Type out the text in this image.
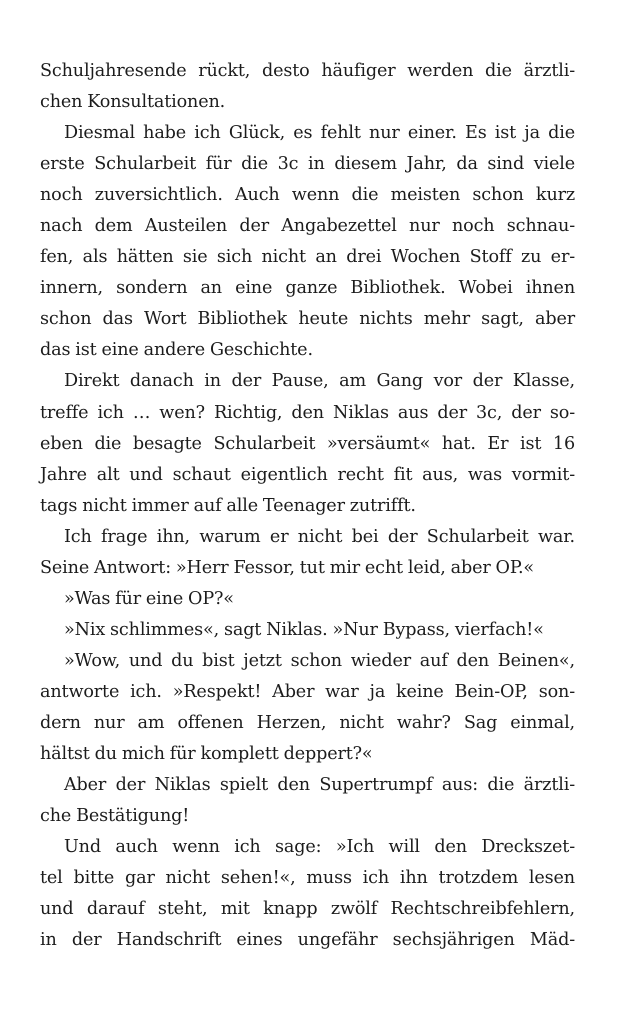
Schuljahresende rückt, desto häufiger werden die ärztli-
chen Konsultationen.
Diesmal habe ich Glück, es fehlt nur einer. Es ist ja die
erste Schularbeit für die 3c in diesem Jahr, da sind viele
noch zuversichtlich. Auch wenn die meisten schon kurz
nach dem Austeilen der Angabezettel nur noch schnau-
fen, als hätten sie sich nicht an drei Wochen Stoff zu er-
innern, sondern an eine ganze Bibliothek. Wobei ihnen
schon das Wort Bibliothek heute nichts mehr sagt, aber
das ist eine andere Geschichte.
Direkt danach in der Pause, am Gang vor der Klasse,
treffe ich … wen? Richtig, den Niklas aus der 3c, der so-
eben die besagte Schularbeit »versäumt« hat. Er ist 16
Jahre alt und schaut eigentlich recht fit aus, was vormit-
tags nicht immer auf alle Teenager zutrifft.
Ich frage ihn, warum er nicht bei der Schularbeit war.
Seine Antwort: »Herr Fessor, tut mir echt leid, aber OP.«
»Was für eine OP?«
»Nix schlimmes«, sagt Niklas. »Nur Bypass, vierfach!«
»Wow, und du bist jetzt schon wieder auf den Beinen«,
antworte ich. »Respekt! Aber war ja keine Bein-OP, son-
dern nur am offenen Herzen, nicht wahr? Sag einmal,
hältst du mich für komplett deppert?«
Aber der Niklas spielt den Supertrumpf aus: die ärztli-
che Bestätigung!
Und auch wenn ich sage: »Ich will den Dreckszet-
tel bitte gar nicht sehen!«, muss ich ihn trotzdem lesen
und darauf steht, mit knapp zwölf Rechtschreibfehlern,
in der Handschrift eines ungefähr sechsjährigen Mäd-
